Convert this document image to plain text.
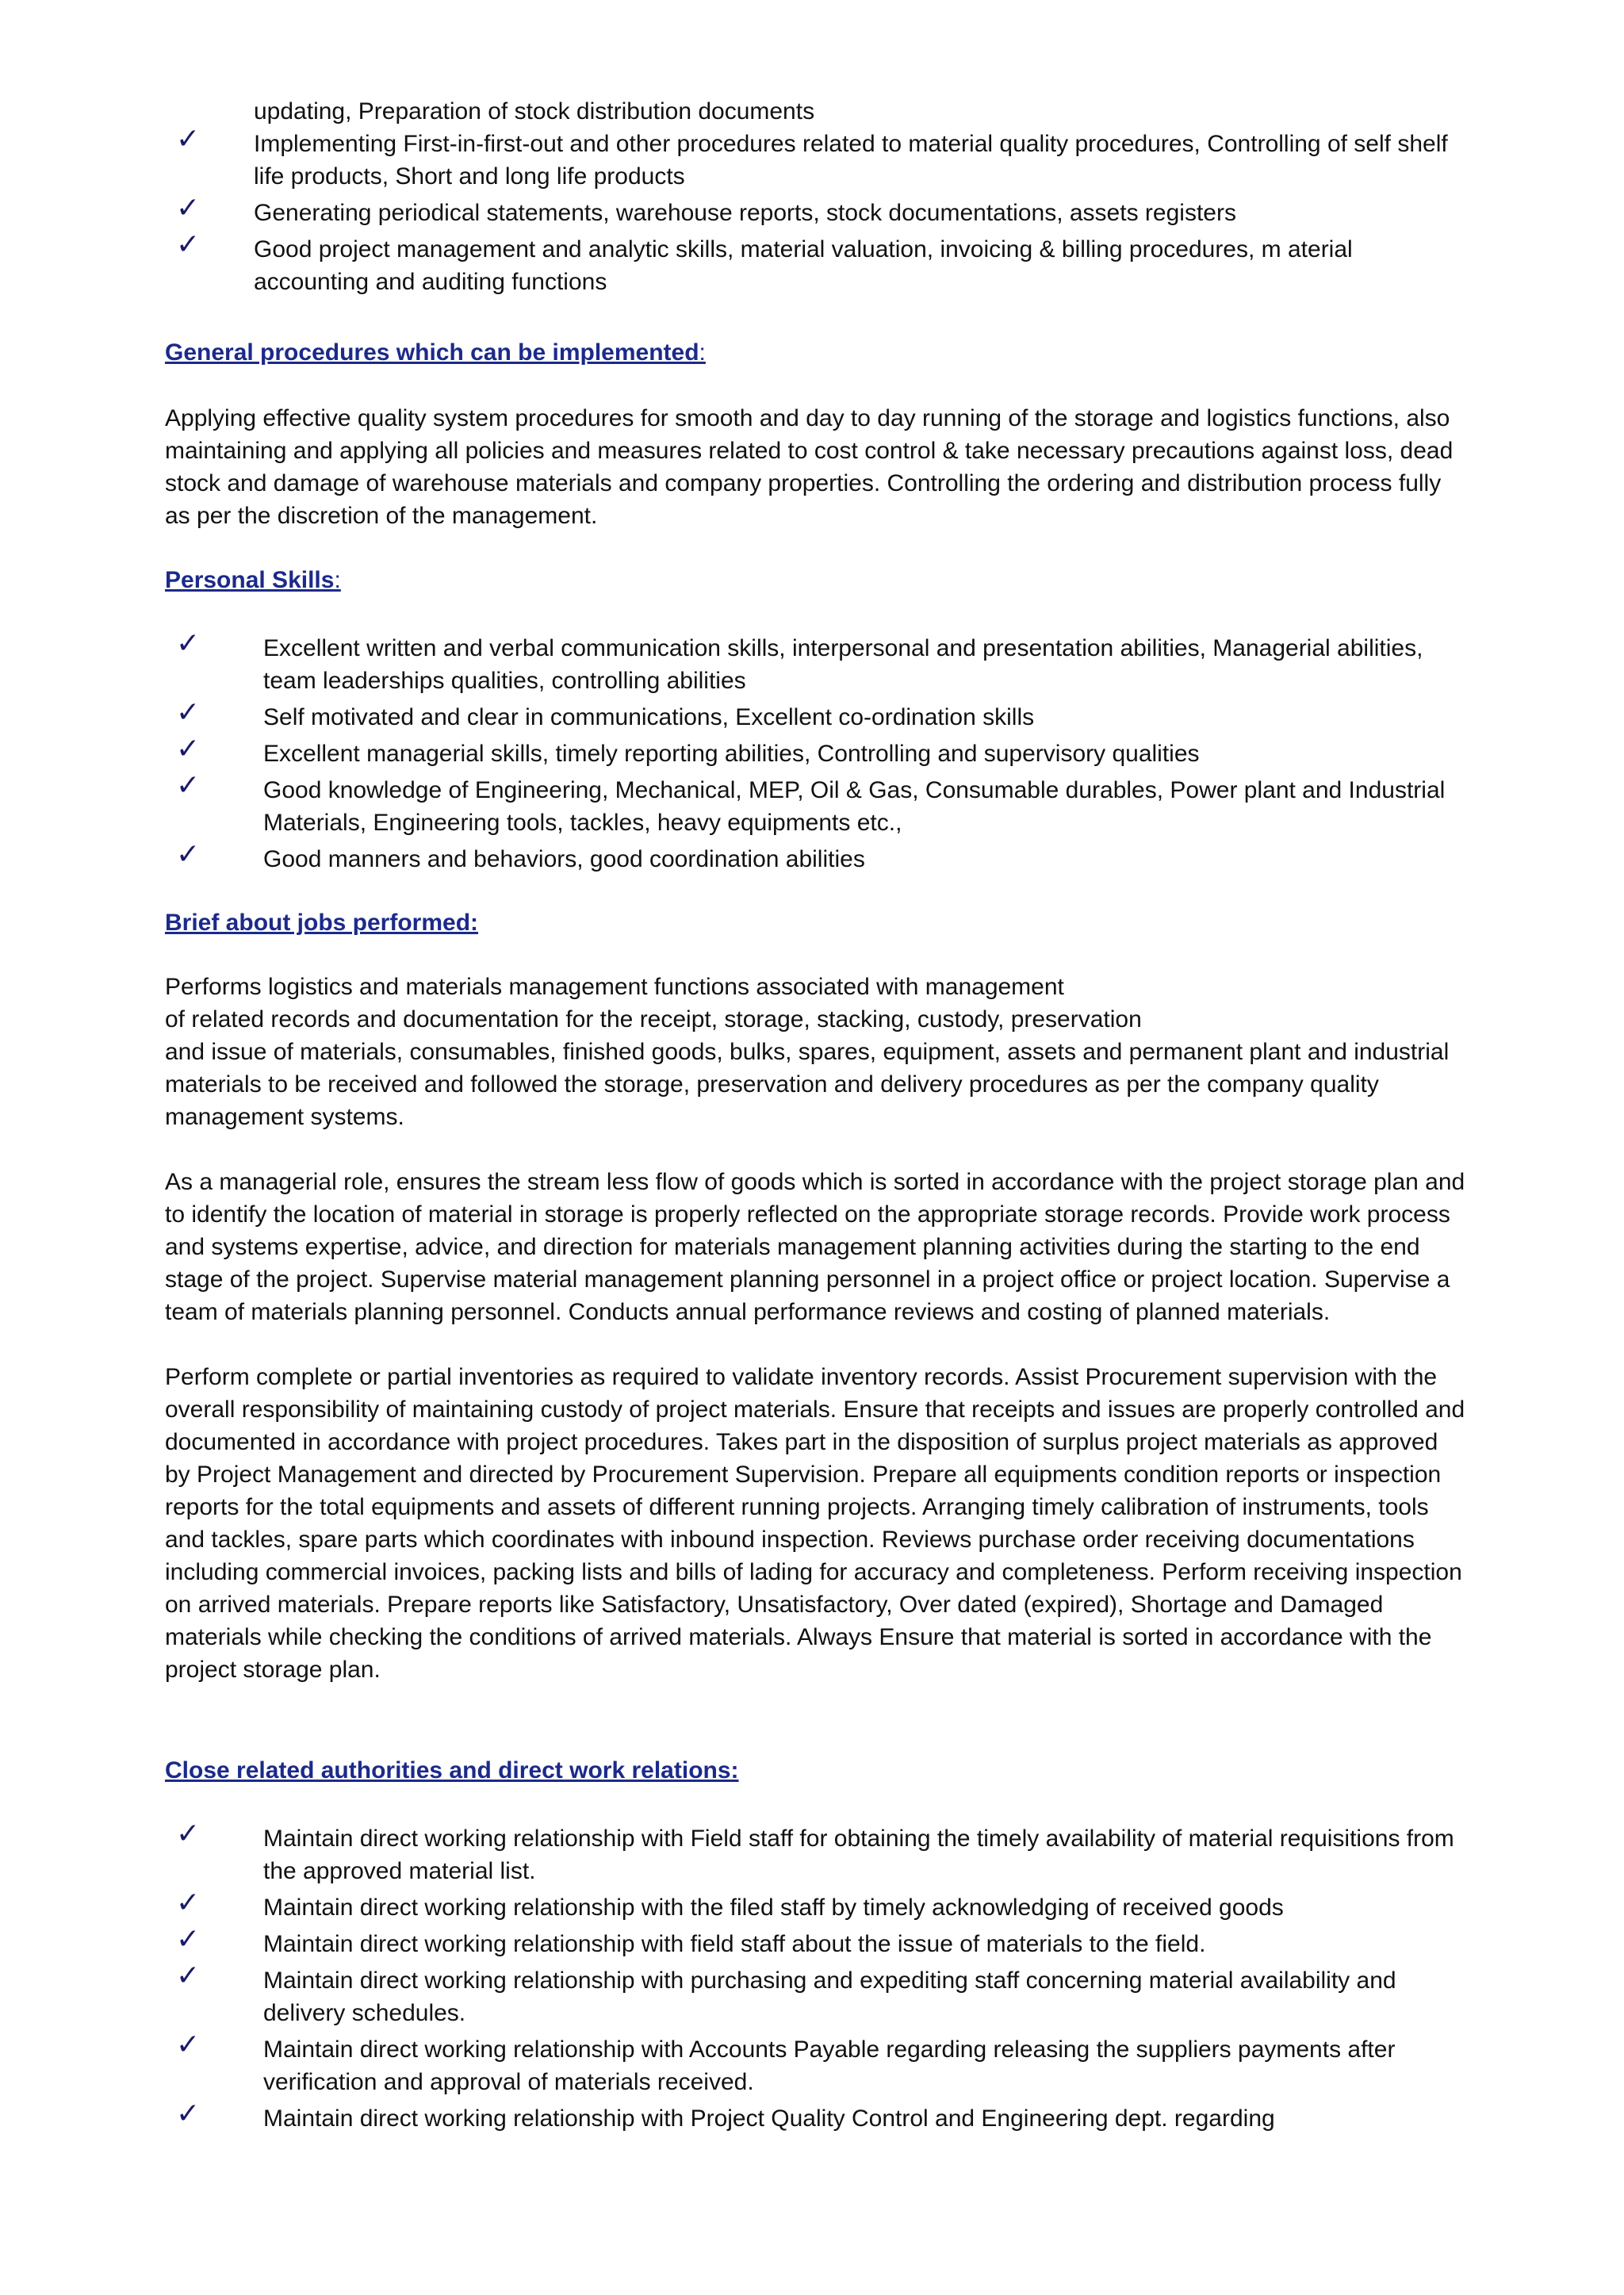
updating, Preparation of stock distribution documents
✓ Implementing First-in-first-out and other procedures related to material quality procedures, Controlling of self shelf life products, Short and long life products
✓ Generating periodical statements, warehouse reports, stock documentations, assets registers
✓ Good project management and analytic skills, material valuation, invoicing & billing procedures, m aterial accounting and auditing functions

General procedures which can be implemented:

Applying effective quality system procedures for smooth and day to day running of the storage and logistics functions, also maintaining and applying all policies and measures related to cost control & take necessary precautions against loss, dead stock and damage of warehouse materials and company properties. Controlling the ordering and distribution process fully as per the discretion of the management.

Personal Skills:

✓	Excellent written and verbal communication skills, interpersonal and presentation abilities, Managerial abilities, team leaderships qualities, controlling abilities
✓	Self motivated and clear in communications, Excellent co-ordination skills
✓	Excellent managerial skills, timely reporting abilities, Controlling and supervisory qualities
✓	Good knowledge of Engineering, Mechanical, MEP, Oil & Gas, Consumable durables, Power plant and Industrial Materials, Engineering tools, tackles, heavy equipments etc.,
✓	Good manners and behaviors, good coordination abilities

Brief about jobs performed:

Performs logistics and materials management functions associated with management
of related records and documentation for the receipt, storage, stacking, custody, preservation
and issue of materials, consumables, finished goods, bulks, spares, equipment, assets and permanent plant and industrial materials to be received and followed the storage, preservation and delivery procedures as per the company quality management systems.

As a managerial role, ensures the stream less flow of goods which is sorted in accordance with the project storage plan and to identify the location of material in storage is properly reflected on the appropriate storage records. Provide work process and systems expertise, advice, and direction for materials management planning activities during the starting to the end stage of the project. Supervise material management planning personnel in a project office or project location. Supervise a team of materials planning personnel. Conducts annual performance reviews and costing of planned materials.

Perform complete or partial inventories as required to validate inventory records. Assist Procurement supervision with the overall responsibility of maintaining custody of project materials. Ensure that receipts and issues are properly controlled and documented in accordance with project procedures. Takes part in the disposition of surplus project materials as approved by Project Management and directed by Procurement Supervision. Prepare all equipments condition reports or inspection reports for the total equipments and assets of different running projects. Arranging timely calibration of instruments, tools and tackles, spare parts which coordinates with inbound inspection. Reviews purchase order receiving documentations including commercial invoices, packing lists and bills of lading for accuracy and completeness. Perform receiving inspection on arrived materials. Prepare reports like Satisfactory, Unsatisfactory, Over dated (expired), Shortage and Damaged materials while checking the conditions of arrived materials. Always Ensure that material is sorted in accordance with the project storage plan.

Close related authorities and direct work relations:

✓	Maintain direct working relationship with Field staff for obtaining the timely availability of material requisitions from the approved material list.
✓	Maintain direct working relationship with the filed staff by timely acknowledging of received goods
✓	Maintain direct working relationship with field staff about the issue of materials to the field.
✓	Maintain direct working relationship with purchasing and expediting staff concerning material availability and delivery schedules.
✓	Maintain direct working relationship with Accounts Payable regarding releasing the suppliers payments after verification and approval of materials received.
✓	Maintain direct working relationship with Project Quality Control and Engineering dept. regarding
